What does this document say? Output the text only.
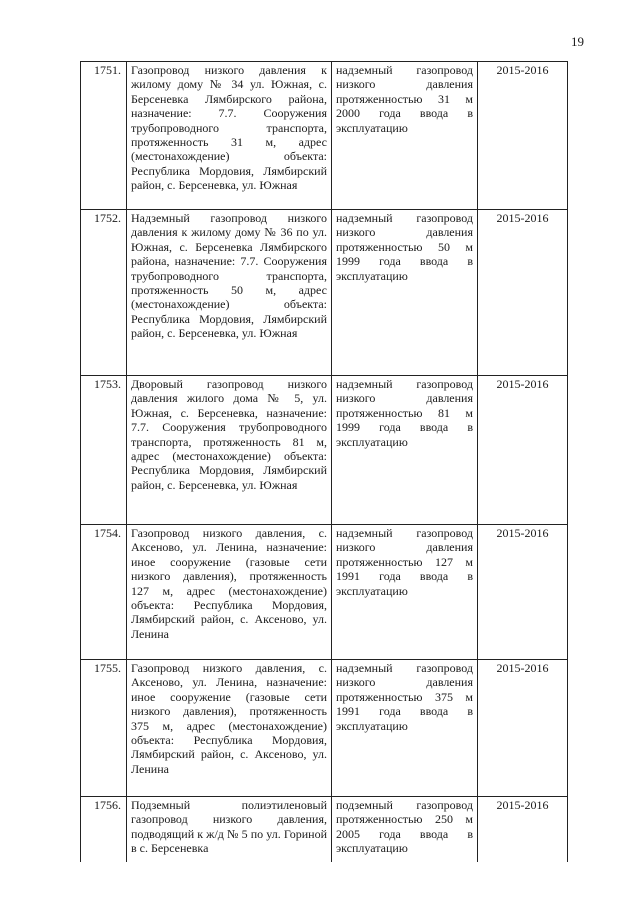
19
1751.	Газопровод низкого давления к жилому дому № 34 ул. Южная, с. Берсеневка Лямбирского района, назначение: 7.7. Сооружения трубопроводного транспорта, протяженность 31 м, адрес (местонахождение) объекта: Республика Мордовия, Лямбирский район, с. Берсеневка, ул. Южная	надземный газопровод низкого давления протяженностью 31 м 2000 года ввода в эксплуатацию	2015-2016
1752.	Надземный газопровод низкого давления к жилому дому № 36 по ул. Южная, с. Берсеневка Лямбирского района, назначение: 7.7. Сооружения трубопроводного транспорта, протяженность 50 м, адрес (местонахождение) объекта: Республика Мордовия, Лямбирский район, с. Берсеневка, ул. Южная	надземный газопровод низкого давления протяженностью 50 м 1999 года ввода в эксплуатацию	2015-2016
1753.	Дворовый газопровод низкого давления жилого дома № 5, ул. Южная, с. Берсеневка, назначение: 7.7. Сооружения трубопроводного транспорта, протяженность 81 м, адрес (местонахождение) объекта: Республика Мордовия, Лямбирский район, с. Берсеневка, ул. Южная	надземный газопровод низкого давления протяженностью 81 м 1999 года ввода в эксплуатацию	2015-2016
1754.	Газопровод низкого давления, с. Аксеново, ул. Ленина, назначение: иное сооружение (газовые сети низкого давления), протяженность 127 м, адрес (местонахождение) объекта: Республика Мордовия, Лямбирский район, с. Аксеново, ул. Ленина	надземный газопровод низкого давления протяженностью 127 м 1991 года ввода в эксплуатацию	2015-2016
1755.	Газопровод низкого давления, с. Аксеново, ул. Ленина, назначение: иное сооружение (газовые сети низкого давления), протяженность 375 м, адрес (местонахождение) объекта: Республика Мордовия, Лямбирский район, с. Аксеново, ул. Ленина	надземный газопровод низкого давления протяженностью 375 м 1991 года ввода в эксплуатацию	2015-2016
1756.	Подземный полиэтиленовый газопровод низкого давления, подводящий к ж/д № 5 по ул. Гориной в с. Берсеневка	подземный газопровод протяженностью 250 м 2005 года ввода в эксплуатацию	2015-2016
